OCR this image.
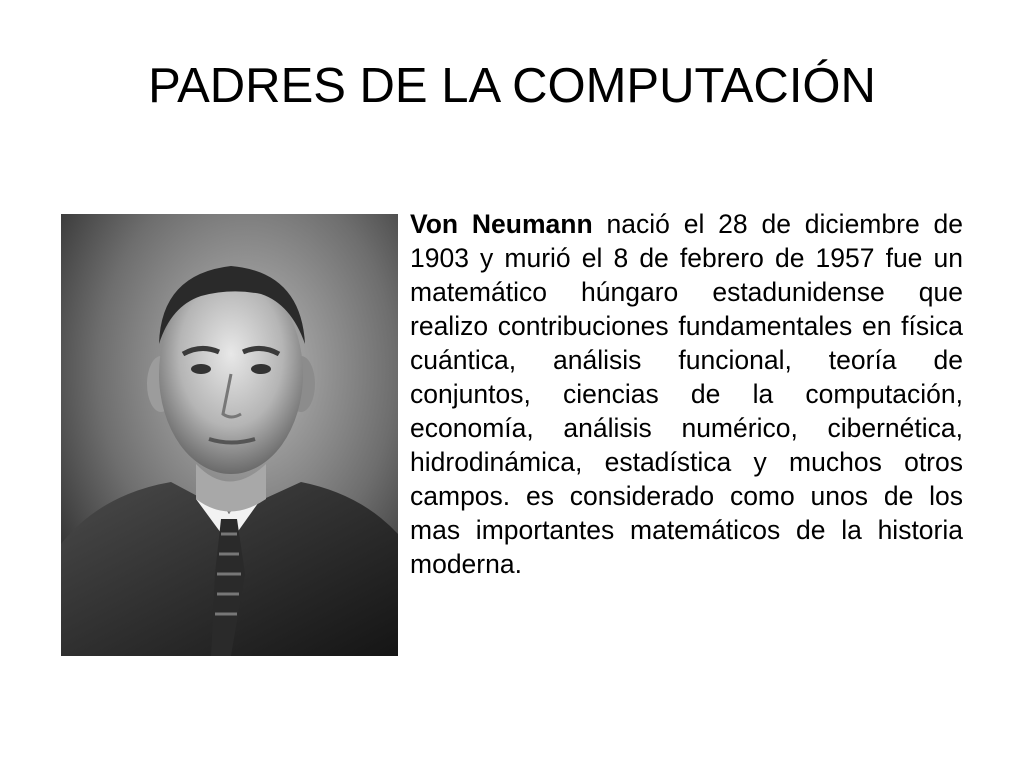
PADRES DE LA COMPUTACIÓN

Von Neumann nació el 28 de diciembre de 1903 y murió el 8 de febrero de 1957 fue un matemático húngaro estadunidense que realizo contribuciones fundamentales en física cuántica, análisis funcional, teoría de conjuntos, ciencias de la computación, economía, análisis numérico, cibernética, hidrodinámica, estadística y muchos otros campos. es considerado como unos de los mas importantes matemáticos de la historia moderna.
